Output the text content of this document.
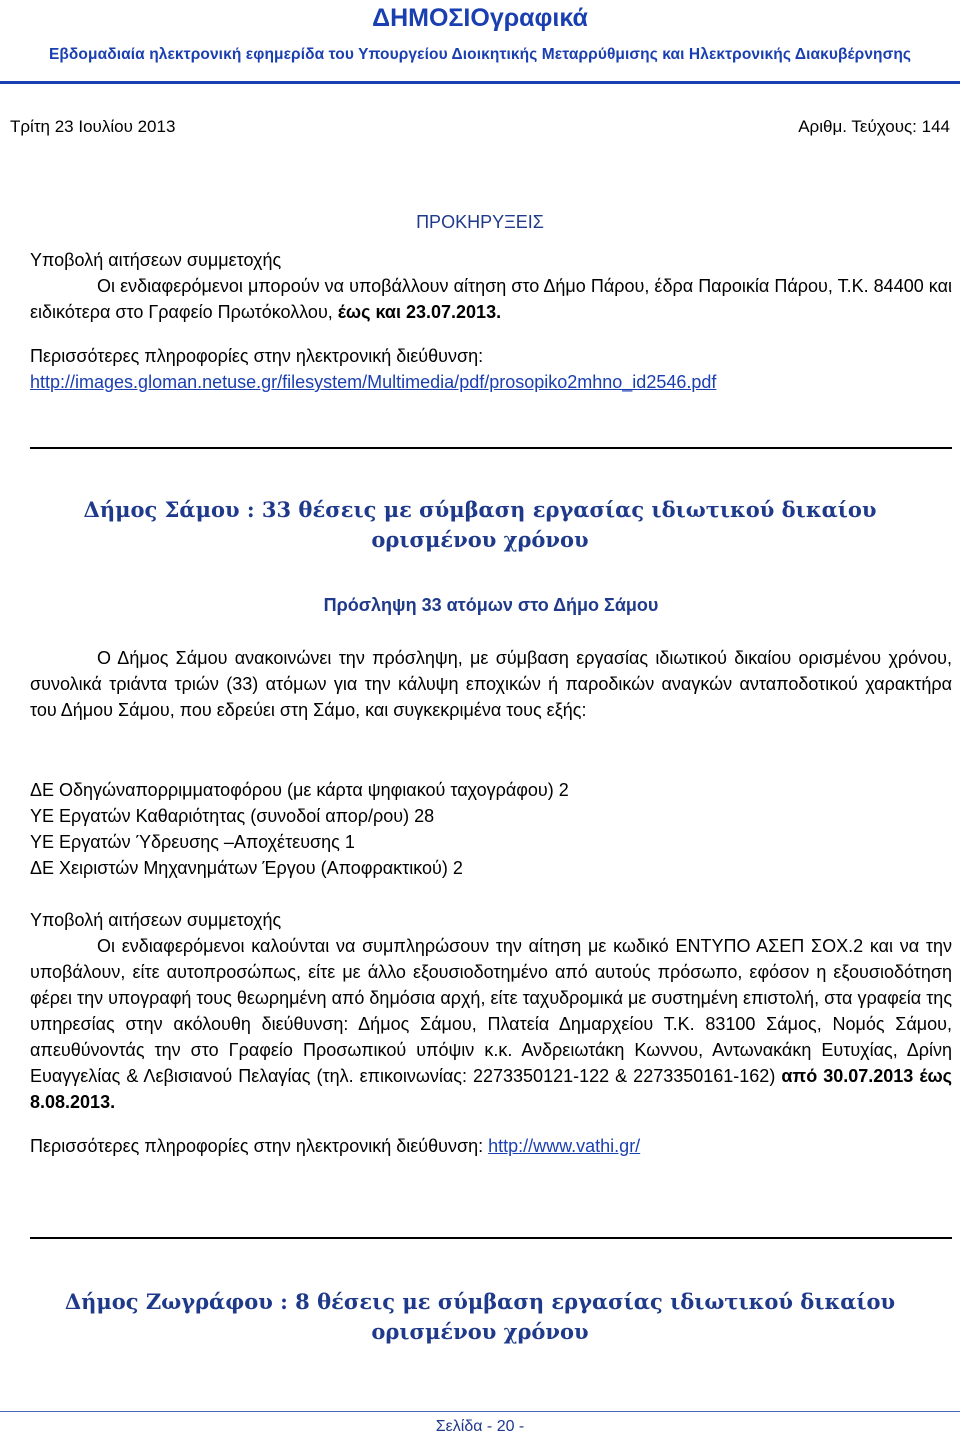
ΔΗΜΟΣΙΟγραφικά
Εβδομαδιαία ηλεκτρονική εφημερίδα του Υπουργείου Διοικητικής Μεταρρύθμισης και Ηλεκτρονικής Διακυβέρνησης
Τρίτη 23 Ιουλίου 2013	Αριθμ. Τεύχους: 144
ΠΡΟΚΗΡΥΞΕΙΣ
Υποβολή αιτήσεων συμμετοχής
Οι ενδιαφερόμενοι μπορούν να υποβάλλουν αίτηση στο Δήμο Πάρου, έδρα Παροικία Πάρου, Τ.Κ. 84400 και ειδικότερα στο Γραφείο Πρωτόκολλου, έως και 23.07.2013.
Περισσότερες πληροφορίες στην ηλεκτρονική διεύθυνση:
http://images.gloman.netuse.gr/filesystem/Multimedia/pdf/prosopiko2mhno_id2546.pdf
Δήμος Σάμου : 33 θέσεις με σύμβαση εργασίας ιδιωτικού δικαίου ορισμένου χρόνου
Πρόσληψη 33 ατόμων στο Δήμο Σάμου
Ο Δήμος Σάμου ανακοινώνει την πρόσληψη, με σύμβαση εργασίας ιδιωτικού δικαίου ορισμένου χρόνου, συνολικά τριάντα τριών (33) ατόμων για την κάλυψη εποχικών ή παροδικών αναγκών ανταποδοτικού χαρακτήρα του Δήμου Σάμου, που εδρεύει στη Σάμο, και συγκεκριμένα τους εξής:
ΔΕ Οδηγώναπορριμματοφόρου (με κάρτα ψηφιακού ταχογράφου) 2
ΥΕ Εργατών Καθαριότητας (συνοδοί απορ/ρου) 28
ΥΕ Εργατών Ύδρευσης –Αποχέτευσης 1
ΔΕ Χειριστών Μηχανημάτων Έργου (Αποφρακτικού) 2
Υποβολή αιτήσεων συμμετοχής
Οι ενδιαφερόμενοι καλούνται να συμπληρώσουν την αίτηση με κωδικό ΕΝΤΥΠΟ ΑΣΕΠ ΣΟΧ.2 και να την υποβάλουν, είτε αυτοπροσώπως, είτε με άλλο εξουσιοδοτημένο από αυτούς πρόσωπο, εφόσον η εξουσιοδότηση φέρει την υπογραφή τους θεωρημένη από δημόσια αρχή, είτε ταχυδρομικά με συστημένη επιστολή, στα γραφεία της υπηρεσίας στην ακόλουθη διεύθυνση: Δήμος Σάμου, Πλατεία Δημαρχείου Τ.Κ. 83100 Σάμος, Νομός Σάμου, απευθύνοντάς την στο Γραφείο Προσωπικού υπόψιν κ.κ. Ανδρειωτάκη Κωννου, Αντωνακάκη Ευτυχίας, Δρίνη Ευαγγελίας & Λεβισιανού Πελαγίας (τηλ. επικοινωνίας: 2273350121-122 & 2273350161-162) από 30.07.2013 έως 8.08.2013.
Περισσότερες πληροφορίες στην ηλεκτρονική διεύθυνση: http://www.vathi.gr/
Δήμος Ζωγράφου : 8 θέσεις με σύμβαση εργασίας ιδιωτικού δικαίου ορισμένου χρόνου
Σελίδα - 20 -
